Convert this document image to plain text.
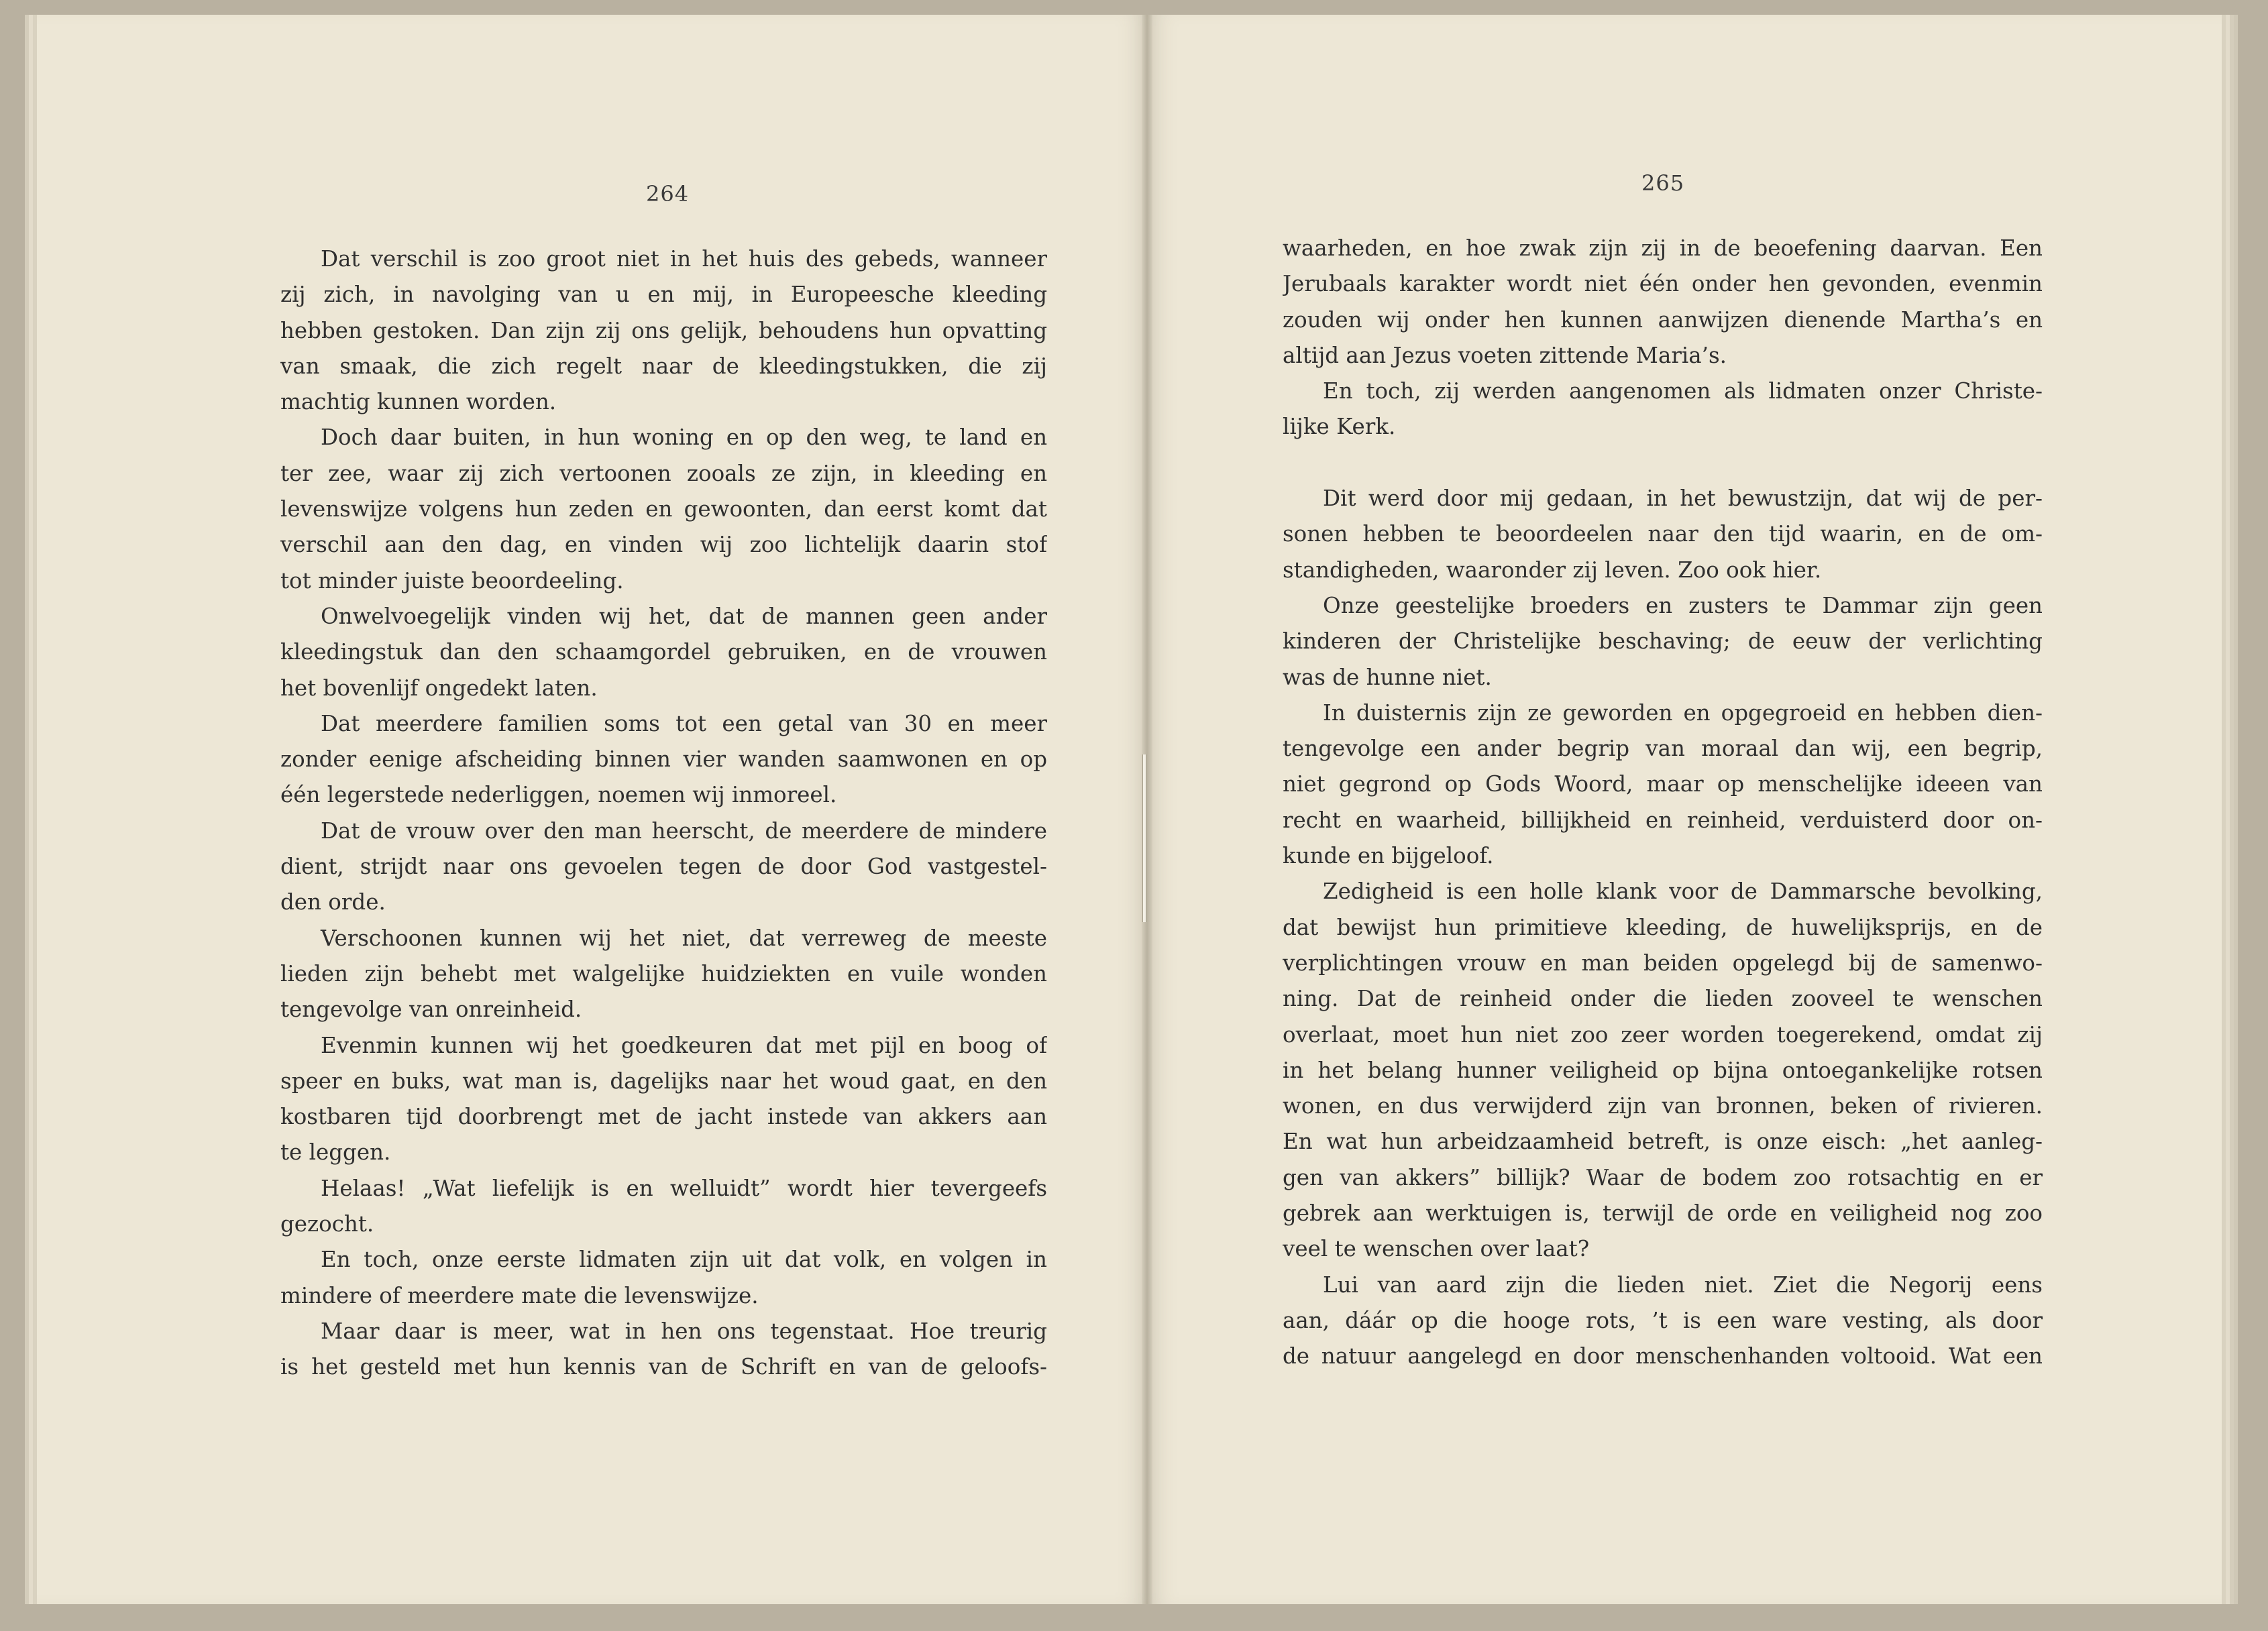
264
Dat verschil is zoo groot niet in het huis des gebeds, wanneer
zij zich, in navolging van u en mij, in Europeesche kleeding
hebben gestoken. Dan zijn zij ons gelijk, behoudens hun opvatting
van smaak, die zich regelt naar de kleedingstukken, die zij
machtig kunnen worden.
Doch daar buiten, in hun woning en op den weg, te land en
ter zee, waar zij zich vertoonen zooals ze zijn, in kleeding en
levenswijze volgens hun zeden en gewoonten, dan eerst komt dat
verschil aan den dag, en vinden wij zoo lichtelijk daarin stof
tot minder juiste beoordeeling.
Onwelvoegelijk vinden wij het, dat de mannen geen ander
kleedingstuk dan den schaamgordel gebruiken, en de vrouwen
het bovenlijf ongedekt laten.
Dat meerdere familien soms tot een getal van 30 en meer
zonder eenige afscheiding binnen vier wanden saamwonen en op
één legerstede nederliggen, noemen wij inmoreel.
Dat de vrouw over den man heerscht, de meerdere de mindere
dient, strijdt naar ons gevoelen tegen de door God vastgestel-
den orde.
Verschoonen kunnen wij het niet, dat verreweg de meeste
lieden zijn behebt met walgelijke huidziekten en vuile wonden
tengevolge van onreinheid.
Evenmin kunnen wij het goedkeuren dat met pijl en boog of
speer en buks, wat man is, dagelijks naar het woud gaat, en den
kostbaren tijd doorbrengt met de jacht instede van akkers aan
te leggen.
Helaas! „Wat liefelijk is en welluidt” wordt hier tevergeefs
gezocht.
En toch, onze eerste lidmaten zijn uit dat volk, en volgen in
mindere of meerdere mate die levenswijze.
Maar daar is meer, wat in hen ons tegenstaat. Hoe treurig
is het gesteld met hun kennis van de Schrift en van de geloofs-
265
waarheden, en hoe zwak zijn zij in de beoefening daarvan. Een
Jerubaals karakter wordt niet één onder hen gevonden, evenmin
zouden wij onder hen kunnen aanwijzen dienende Martha’s en
altijd aan Jezus voeten zittende Maria’s.
En toch, zij werden aangenomen als lidmaten onzer Christe-
lijke Kerk.
Dit werd door mij gedaan, in het bewustzijn, dat wij de per-
sonen hebben te beoordeelen naar den tijd waarin, en de om-
standigheden, waaronder zij leven. Zoo ook hier.
Onze geestelijke broeders en zusters te Dammar zijn geen
kinderen der Christelijke beschaving; de eeuw der verlichting
was de hunne niet.
In duisternis zijn ze geworden en opgegroeid en hebben dien-
tengevolge een ander begrip van moraal dan wij, een begrip,
niet gegrond op Gods Woord, maar op menschelijke ideeen van
recht en waarheid, billijkheid en reinheid, verduisterd door on-
kunde en bijgeloof.
Zedigheid is een holle klank voor de Dammarsche bevolking,
dat bewijst hun primitieve kleeding, de huwelijksprijs, en de
verplichtingen vrouw en man beiden opgelegd bij de samenwo-
ning. Dat de reinheid onder die lieden zooveel te wenschen
overlaat, moet hun niet zoo zeer worden toegerekend, omdat zij
in het belang hunner veiligheid op bijna ontoegankelijke rotsen
wonen, en dus verwijderd zijn van bronnen, beken of rivieren.
En wat hun arbeidzaamheid betreft, is onze eisch: „het aanleg-
gen van akkers” billijk? Waar de bodem zoo rotsachtig en er
gebrek aan werktuigen is, terwijl de orde en veiligheid nog zoo
veel te wenschen over laat?
Lui van aard zijn die lieden niet. Ziet die Negorij eens
aan, dáár op die hooge rots, ’t is een ware vesting, als door
de natuur aangelegd en door menschenhanden voltooid. Wat een
